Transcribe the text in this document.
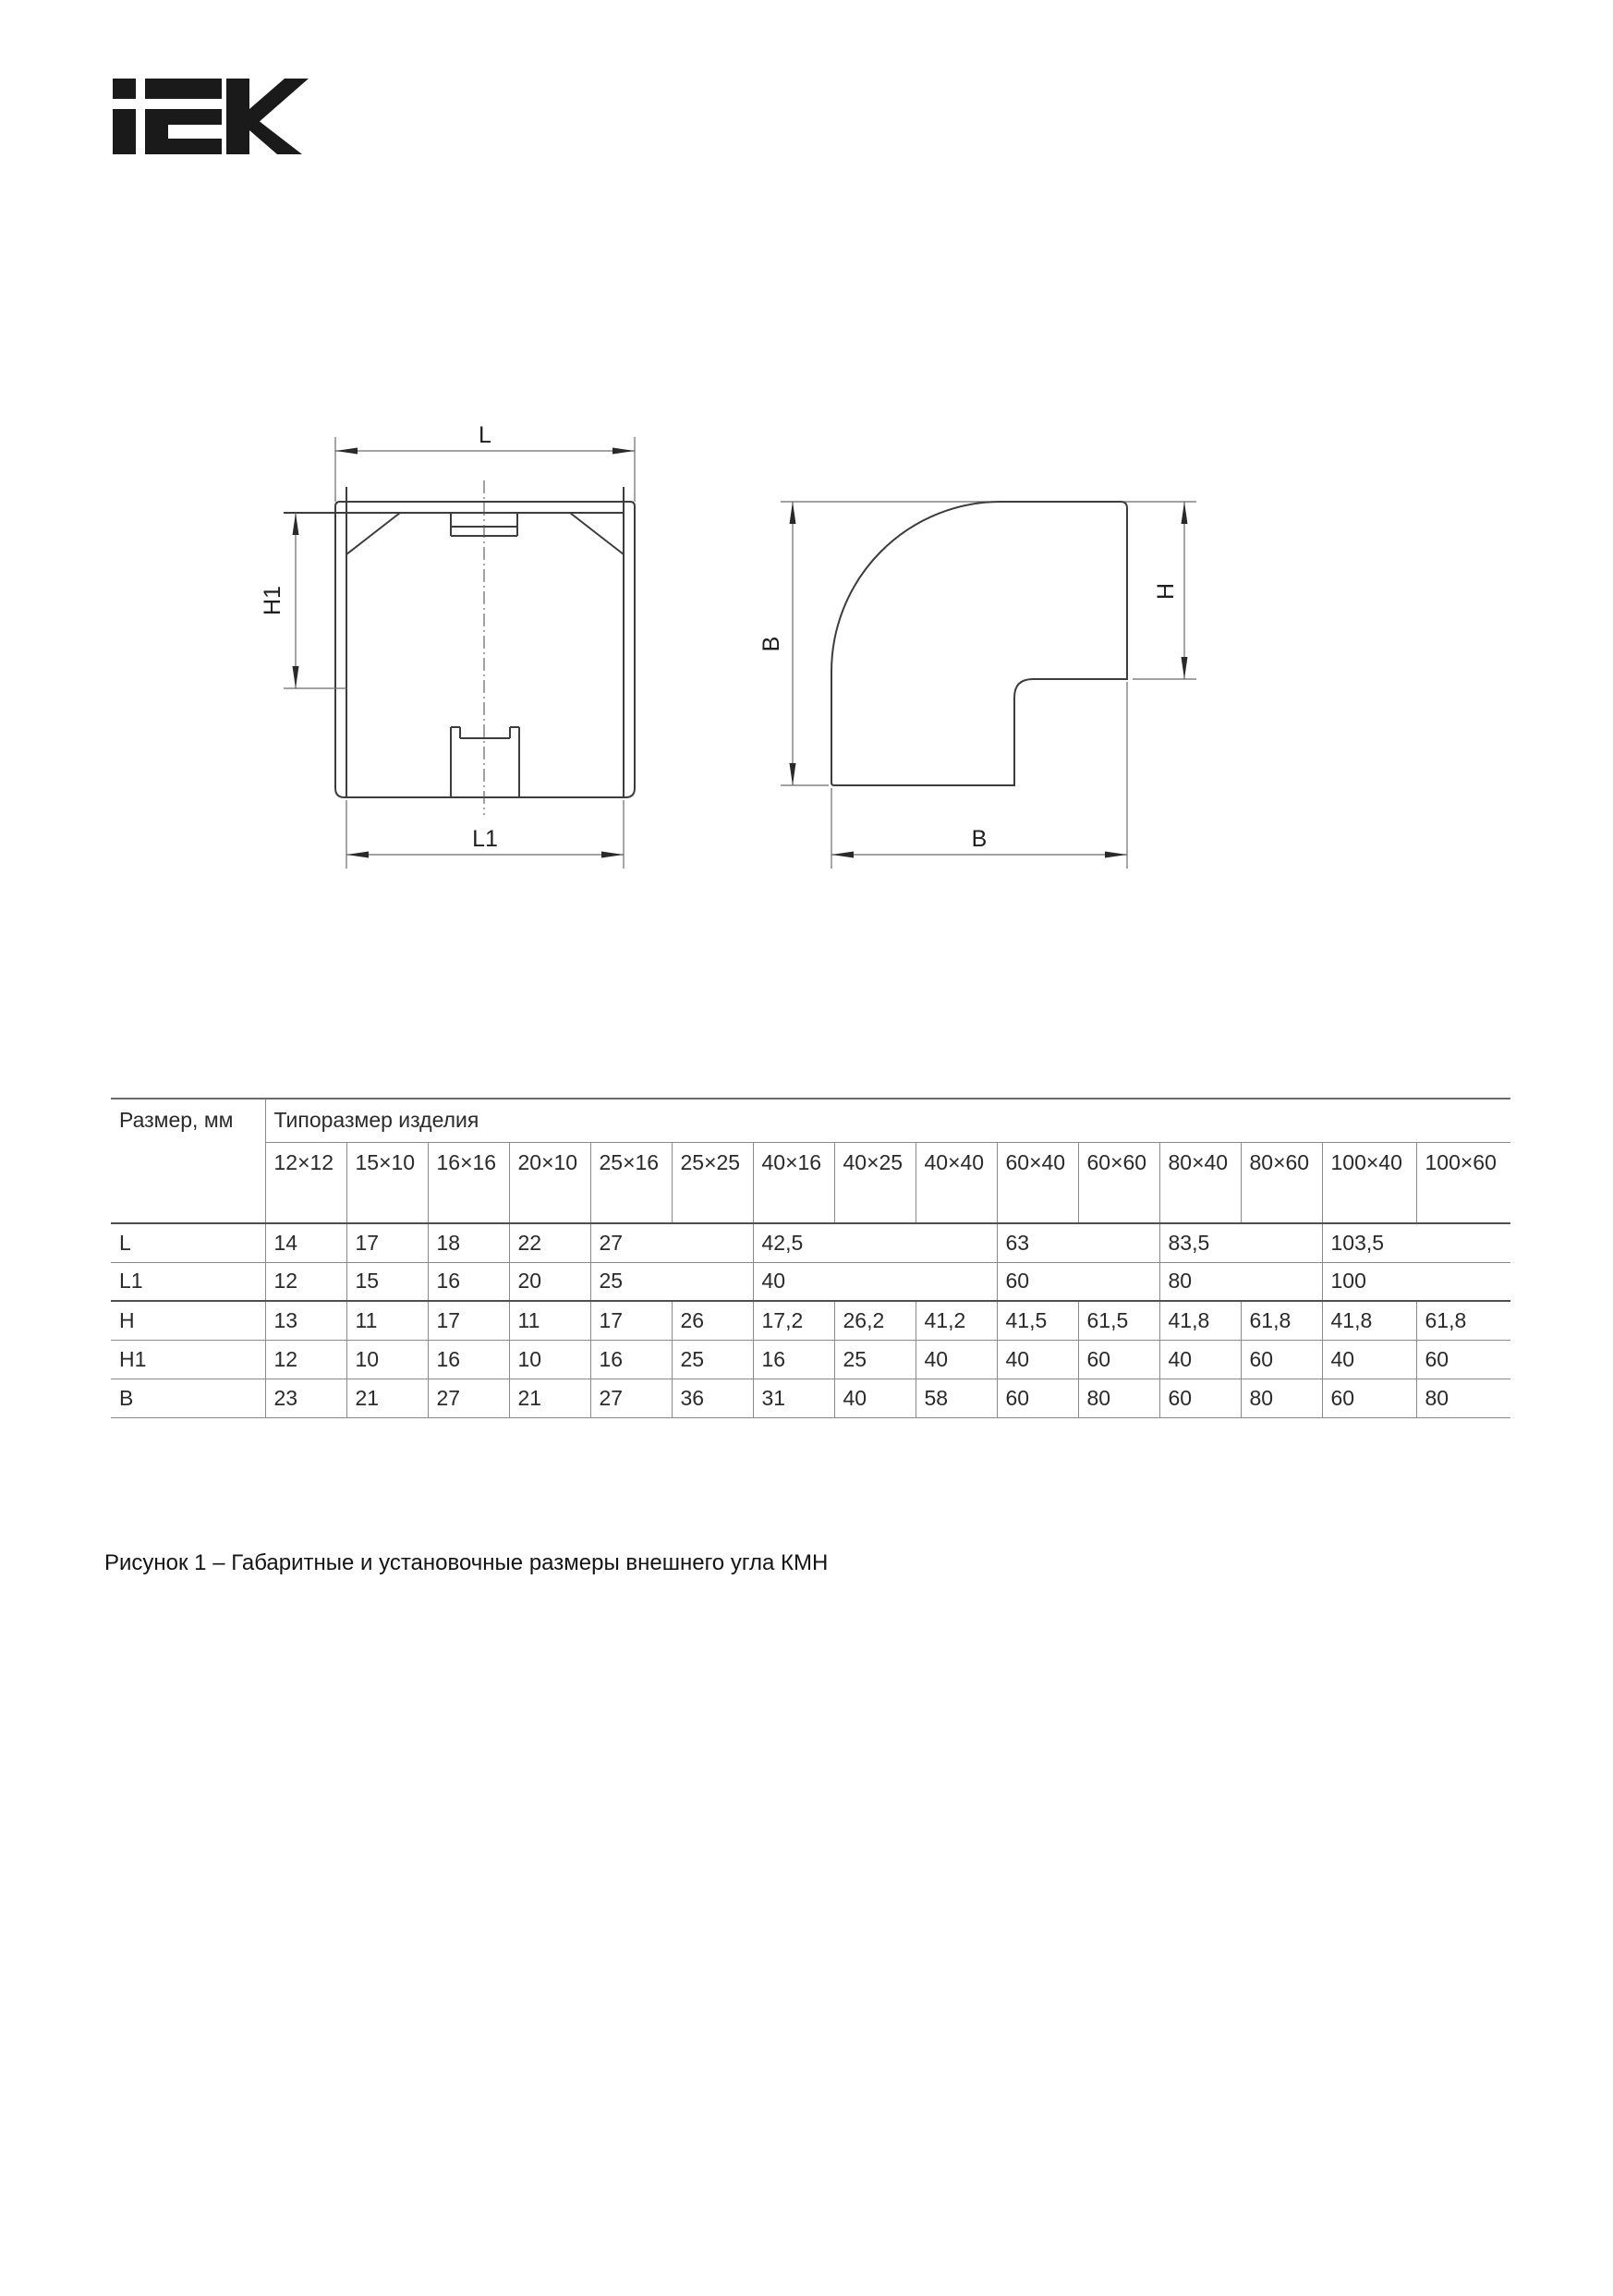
L
H1
L1
B
H
B
Размер, мм	Типоразмер изделия														
	12×12	15×10	16×16	20×10	25×16	25×25	40×16	40×25	40×40	60×40	60×60	80×40	80×60	100×40	100×60
L	14	17	18	22	27		42,5			63		83,5		103,5	
L1	12	15	16	20	25		40			60		80		100	
H	13	11	17	11	17	26	17,2	26,2	41,2	41,5	61,5	41,8	61,8	41,8	61,8
H1	12	10	16	10	16	25	16	25	40	40	60	40	60	40	60
B	23	21	27	21	27	36	31	40	58	60	80	60	80	60	80
Рисунок 1 – Габаритные и установочные размеры внешнего угла КМН
